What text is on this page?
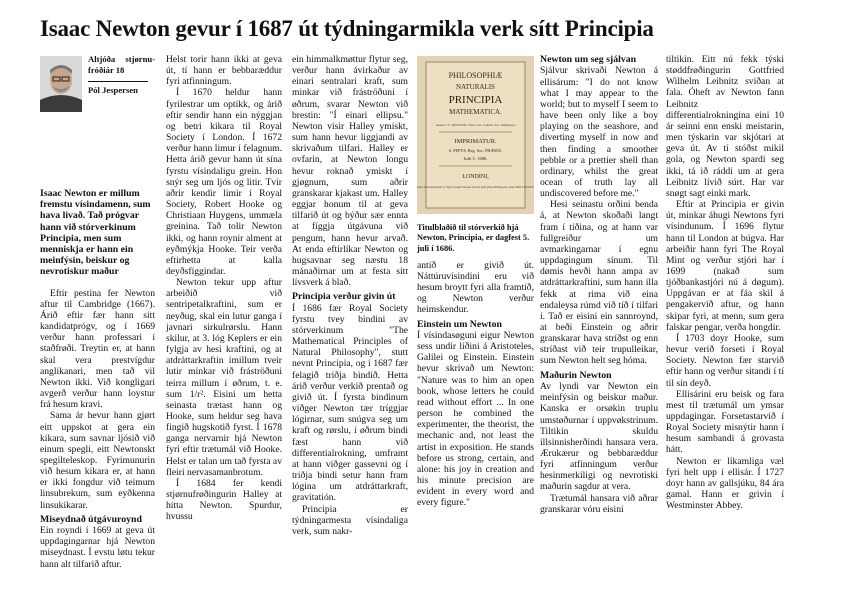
Isaac Newton gevur í 1687 út týdningarmikla verk sítt Principia
Altjóða stjørnu-fróðiár 18
Pól Jespersen

Isaac Newton er millum fremstu vísindamenn, sum hava livað. Tað prógvar hann við stórverkinum Principia, men sum menniskja er hann ein meinfýsin, beiskur og nevrotiskur maður

Eftir pestina fer Newton aftur til Cambridge (1667). Árið eftir fær hann sítt kandidatprógv, og í 1669 verður hann professari í staðfrøði. Treytin er, at hann skal vera prestvígdur anglikanari, men tað vil Newton ikki. Við kongligari avgerð verður hann loystur frá hesum kravi.

Sama ár hevur hann gjørt eitt uppskot at gera ein kikara, sum savnar ljósið við einum spegli, eitt Newtonskt spegilteleskop. Fyrimunurin við hesum kikara er, at hann er ikki fongdur við teimum linsubrekum, sum eyðkenna linsukikarar.

Miseydnað útgávuroynd

Ein royndi í 1669 at geva út uppdagingarnar hjá Newton miseydnast. Í evstu løtu tekur hann alt tilfarið aftur.

Helst torir hann ikki at geva út, tí hann er bebbaræddur fyri atfinningum.

Í 1670 heldur hann fyrilestrar um optikk, og árið eftir sendir hann ein nýggjan og betri kikara til Royal Society í London. Í 1672 verður hann limur í felagnum. Hetta árið gevur hann út sína fyrstu vísindaligu grein. Hon snýr seg um ljós og litir. Tvír aðrir kendir limir í Royal Society, Robert Hooke og Christiaan Huygens, ummæla greinina. Tað tolir Newton ikki, og hann roynir alment at eyðmýkja Hooke. Teir verða eftirhetta at kalla deyðsfíggindar.

Newton tekur upp aftur arbeiðið við sentripetalkraftini, sum er neyðug, skal ein lutur ganga í javnari sirkulrørslu. Hann skilur, at 3. lóg Keplers er ein fylgja av hesi kraftini, og at atdráttarkraftin ímillum tveir lutir minkar við fráströðuni teirra millum í øðrum, t. e. sum 1/r². Eisini um hetta seinasta trætast hann og Hooke, sum heldur seg hava fingið hugskotið fyrst. Í 1678 ganga nervarnir hjá Newton fyri eftir trætumál við Hooke. Helst er talan um tað fyrsta av fleiri nervasamanbrotum.

Í 1684 fer kendi stjørnufrøðingurin Halley at hitta Newton. Spurdur, hvussu

ein himmalkmøttur flytur seg, verður hann ávirkaður av einari sentralari kraft, sum minkar við fráströðuni í øðrum, svarar Newton við brestin: "Í einari ellipsu." Newton vísir Halley ymiskt, sum hann hevur liggjandi av skrivaðum tilfari. Halley er ovfarin, at Newton longu hevur roknað ymiskt í gjøgnum, sum aðrir granskarar kjakast um. Halley eggjar honum til at geva tilfarið út og býður sær ennta at fíggja útgávuna við pengum, hann hevur arvað. At enda eftirlíkar Newton og hugsavnar seg næstu 18 mánaðirnar um at festa sítt lívsverk á blað.

Principia verður givin út

Í 1686 fær Royal Society fyrstu tvey bindini av stórverkinum "The Mathematical Principles of Natural Philosophy", stutt nevnt Principia, og í 1687 fær felagið triðja bindið. Hetta árið verður verkið prentað og givið út. Í fyrsta bindinum viðger Newton tær tríggjar lógirnar, sum snúgva seg um kraft og rørslu, í øðrum bindi fæst hann við differentialrokning, umframt at hann viðger gassevni og í triðja bindi setur hann fram lógina um atdráttarkraft, gravitatión.

Principia er týdningarmesta vísindaliga verk, sum nakr-

PHILOSOPHIÆ
NATURALIS
PRINCIPIA
MATHEMATICA.
Autore J S. NEWTON, Trin. Coll. Cantab. Soc. Matheseos
IMPRIMATUR.
S. PEPYS, Reg. Soc. PRÆSES.
Julii 5. 1686.
LONDINI,
Jussu Societatis Regiæ ac Typis Josephi Streater. Prostat apud plures Bibliopolas. Anno MDCLXXXVII.

Titulblaðið til stórverkið hjá Newton, Principia, er dagfest 5. juli í 1686.

antíð er givið út. Náttúruvísindini eru við hesum broytt fyri alla framtíð, og Newton verður heimskendur.

Einstein um Newton

Í vísindasøguni eigur Newton sess undir líðini á Aristoteles, Galilei og Einstein. Einstein hevur skrivað um Newton: "Nature was to him an open book, whose letters he could read without effort ... In one person he combined the experimenter, the theorist, the mechanic and, not least the artist in exposition. He stands before us strong, certain, and alone: his joy in creation and his minute precision are evident in every word and every figure."

Newton um seg sjálvan

Sjálvur skrivaði Newton á ellisárum: "I do not know what I may appear to the world; but to myself I seem to have been only like a boy playing on the seashore, and diverting myself in now and then finding a smoother pebble or a prettier shell than ordinary, whilst the great ocean of truth lay all undiscovered before me."

Hesi seinastu orðini benda á, at Newton skoðaði langt fram í tíðina, og at hann var fullgreiður um avmarkingarnar í egnu uppdagingum sínum. Til dømis hevði hann ampa av atdráttarkraftini, sum hann illa fekk at rima við eina endaleysa rúmd við tíð í tilfari í. Tað er eisini ein sannroynd, at beði Einstein og aðrir granskarar hava stríðst og enn stríðast við teir trupulleikar, sum Newton helt seg hóma.

Maðurin Newton

Av lyndi var Newton ein meinfýsin og beiskur maður. Kanska er orsøkin truplu umstøðurnar í uppvøkstrinum. Tiltikin skuldu illsinnisherðindi hansara vera. Ærukærur og bebbaræddur fyri atfinningum verður hesinmerkiligi og nevrotiski maðurin sagdur at vera.

Trætumál hansara við aðrar granskarar vóru eisini

tiltikin. Eitt nú fekk týski støddfrøðingurin Gottfried Wilhelm Leibnitz sviðan at fala. Óheft av Newton fann Leibnitz differentialrokningina eini 10 ár seinni enn enski meistarin, men týskarin var skjótari at geva út. Av tí stóðst mikil gola, og Newton spardi seg ikki, tá ið ráddi um at gera Leibnitz lívið súrt. Har var snøgt sagt einki mark.

Eftir at Principia er givin út, minkar áhugi Newtons fyri vísindunum. Í 1696 flytur hann til London at búgva. Har arbeiðir hann fyri The Royal Mint og verður stjóri har í 1699 (nakað sum tjóðbankastjóri nú á døgum). Uppgávan er at fáa skil á pengakervið aftur, og hann skipar fyri, at menn, sum gera falskar pengar, verða hongdir.

Í 1703 doyr Hooke, sum hevur verið forseti í Royal Society. Newton fær starvið eftir hann og verður sitandi í tí til sín deyð.

Ellisárini eru beisk og fara mest til trætumál um ymsar uppdagingar. Forsetastarvið í Royal Society misnýtir hann í hesum sambandi á grovasta hátt.

Newton er likamliga væl fyri helt upp í ellisár. Í 1727 doyr hann av gallsjúku, 84 ára gamal. Hann er grivin í Westminster Abbey.
